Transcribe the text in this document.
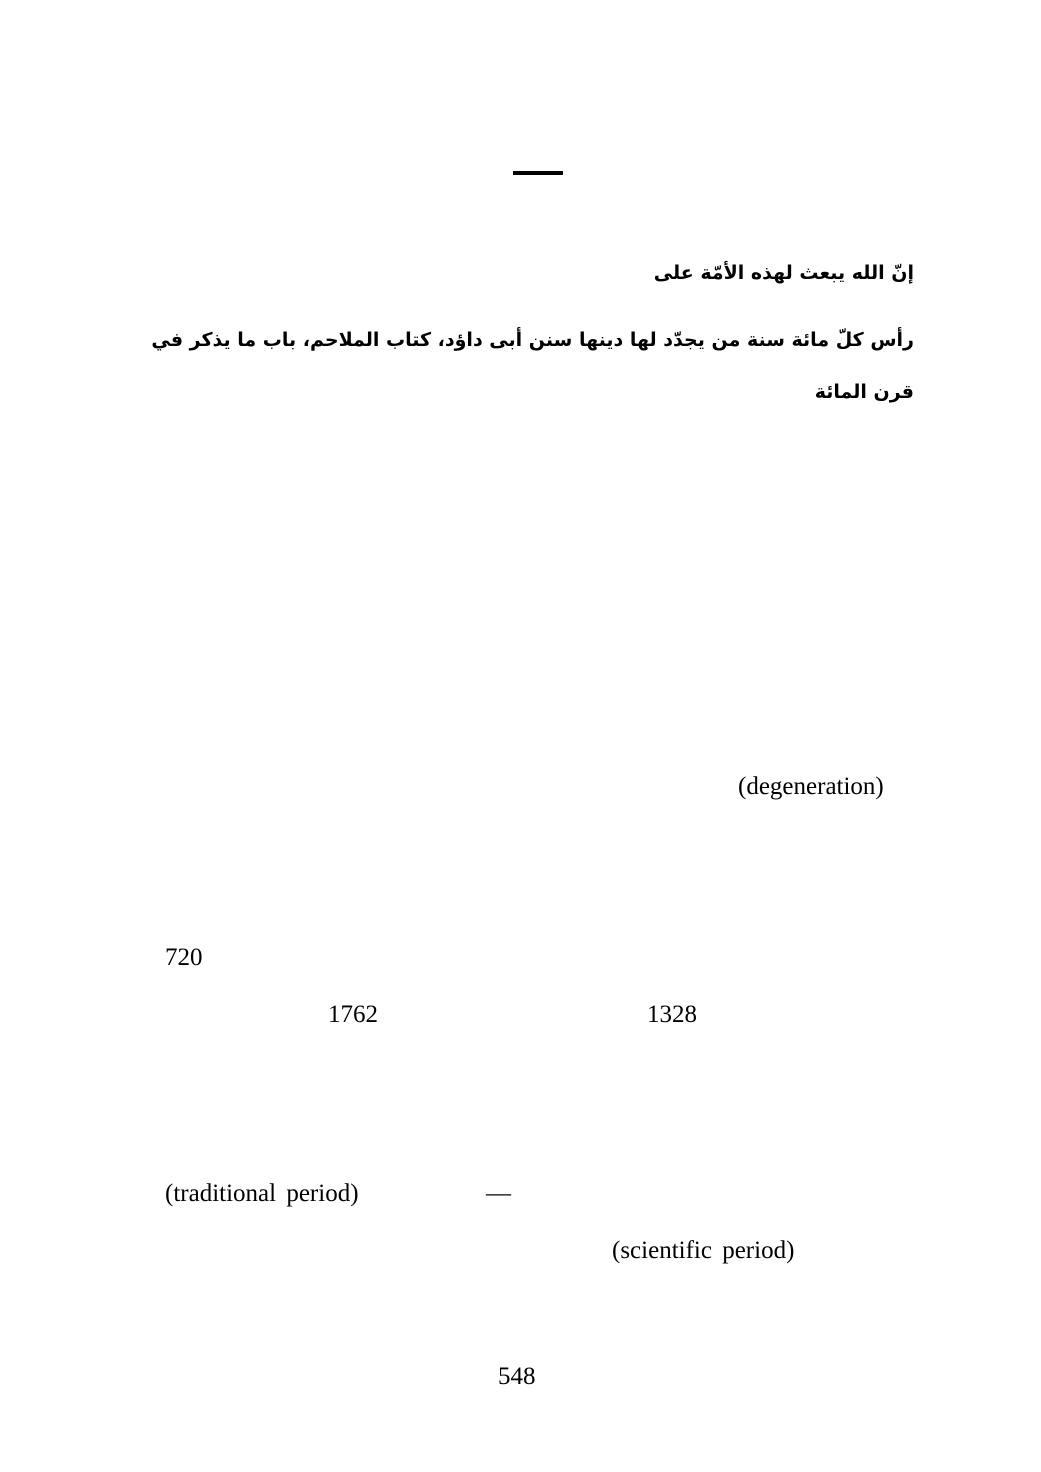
إنّ الله يبعث لهذه الأمّة على
رأس كلّ مائة سنة من يجدّد لها دينها سنن أبى داؤد، كتاب الملاحم، باب ما يذكر في
قرن المائة
(degeneration)
720
1762	1328
(traditional period)	—
(scientific period)
548
